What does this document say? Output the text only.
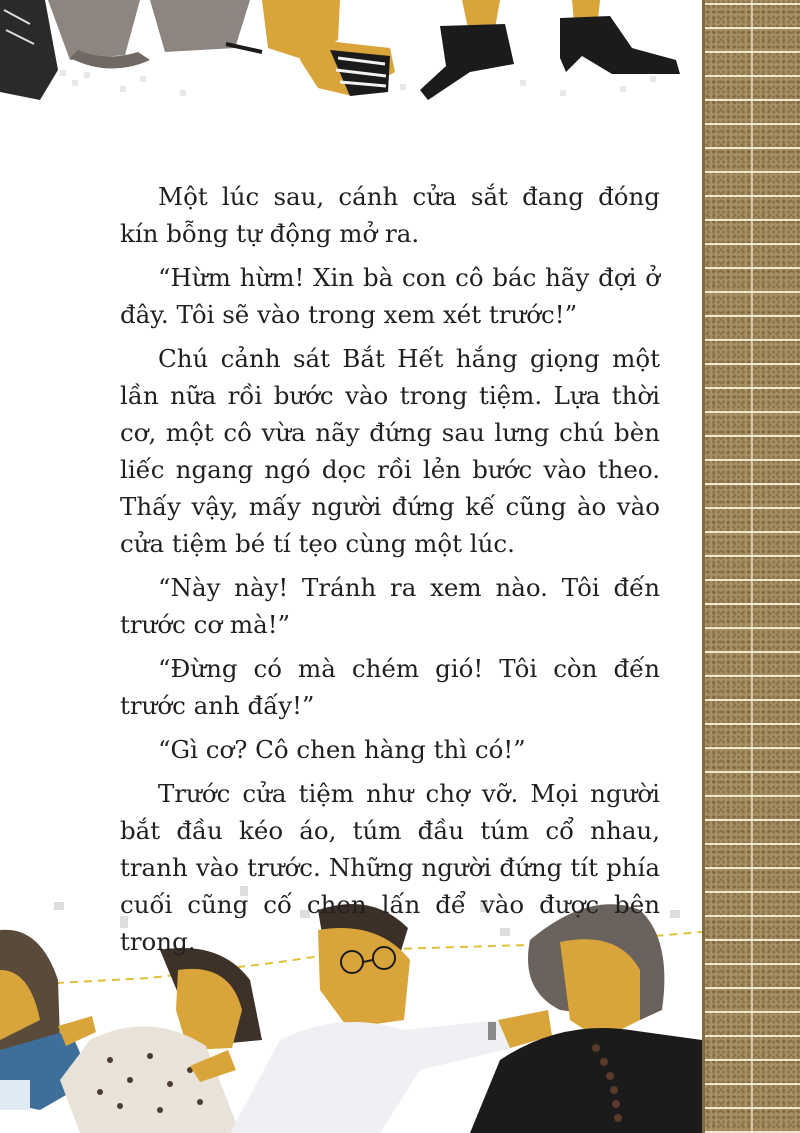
Một lúc sau, cánh cửa sắt đang đóng kín bỗng tự động mở ra.

“Hừm hừm! Xin bà con cô bác hãy đợi ở đây. Tôi sẽ vào trong xem xét trước!”

Chú cảnh sát Bắt Hết hắng giọng một lần nữa rồi bước vào trong tiệm. Lựa thời cơ, một cô vừa nãy đứng sau lưng chú bèn liếc ngang ngó dọc rồi lẻn bước vào theo. Thấy vậy, mấy người đứng kế cũng ào vào cửa tiệm bé tí tẹo cùng một lúc.

“Này này! Tránh ra xem nào. Tôi đến trước cơ mà!”

“Đừng có mà chém gió! Tôi còn đến trước anh đấy!”

“Gì cơ? Cô chen hàng thì có!”

Trước cửa tiệm như chợ vỡ. Mọi người bắt đầu kéo áo, túm đầu túm cổ nhau, tranh vào trước. Những người đứng tít phía cuối cũng cố chen lấn để vào được bên trong.
